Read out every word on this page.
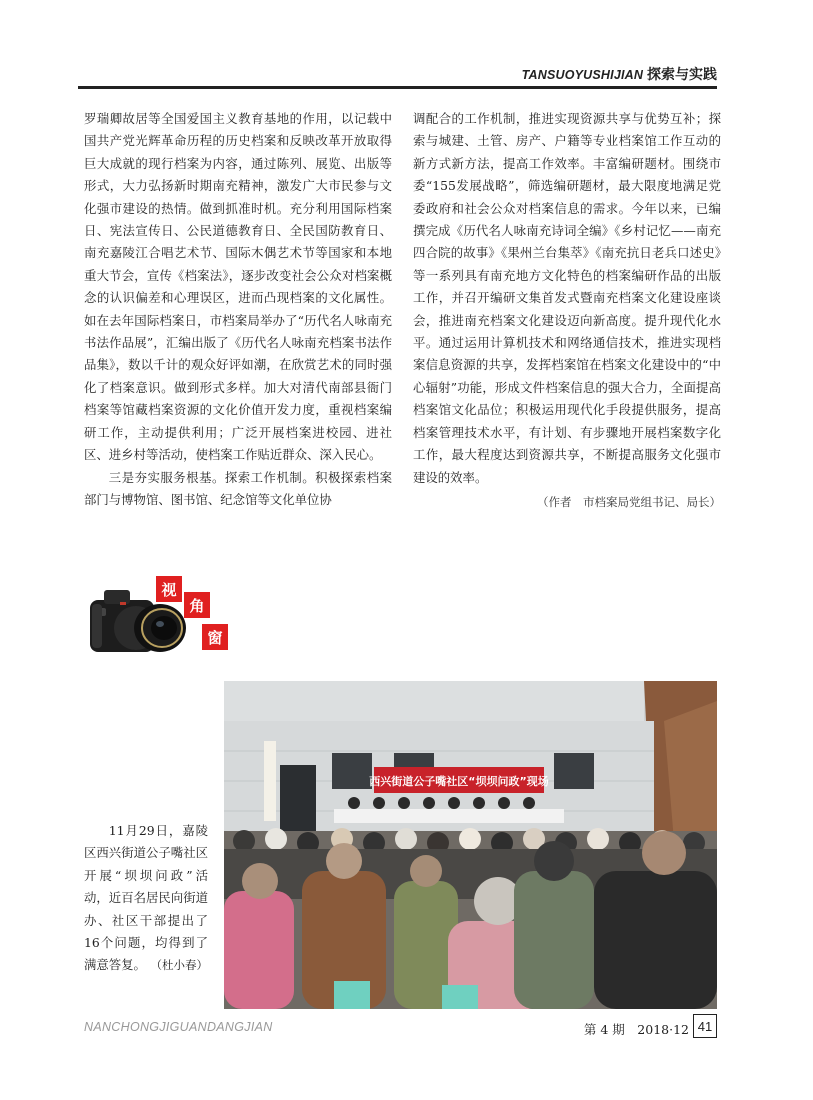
TANSUOYUSHIJIAN 探索与实践

罗瑞卿故居等全国爱国主义教育基地的作用，以记载中国共产党光辉革命历程的历史档案和反映改革开放取得巨大成就的现行档案为内容，通过陈列、展览、出版等形式，大力弘扬新时期南充精神，激发广大市民参与文化强市建设的热情。做到抓准时机。充分利用国际档案日、宪法宣传日、公民道德教育日、全民国防教育日、南充嘉陵江合唱艺术节、国际木偶艺术节等国家和本地重大节会，宣传《档案法》，逐步改变社会公众对档案概念的认识偏差和心理误区，进而凸现档案的文化属性。如在去年国际档案日，市档案局举办了“历代名人咏南充书法作品展”，汇编出版了《历代名人咏南充档案书法作品集》，数以千计的观众好评如潮，在欣赏艺术的同时强化了档案意识。做到形式多样。加大对清代南部县衙门档案等馆藏档案资源的文化价值开发力度，重视档案编研工作，主动提供利用；广泛开展档案进校园、进社区、进乡村等活动，使档案工作贴近群众、深入民心。

三是夯实服务根基。探索工作机制。积极探索档案部门与博物馆、图书馆、纪念馆等文化单位协

调配合的工作机制，推进实现资源共享与优势互补；探索与城建、土管、房产、户籍等专业档案馆工作互动的新方式新方法，提高工作效率。丰富编研题材。围绕市委“155发展战略”，筛选编研题材，最大限度地满足党委政府和社会公众对档案信息的需求。今年以来，已编撰完成《历代名人咏南充诗词全编》《乡村记忆——南充四合院的故事》《果州兰台集萃》《南充抗日老兵口述史》等一系列具有南充地方文化特色的档案编研作品的出版工作，并召开编研文集首发式暨南充档案文化建设座谈会，推进南充档案文化建设迈向新高度。提升现代化水平。通过运用计算机技术和网络通信技术，推进实现档案信息资源的共享，发挥档案馆在档案文化建设中的“中心辐射”功能，形成文件档案信息的强大合力，全面提高档案馆文化品位；积极运用现代化手段提供服务，提高档案管理技术水平，有计划、有步骤地开展档案数字化工作，最大程度达到资源共享，不断提高服务文化强市建设的效率。

（作者　市档案局党组书记、局长）
视
角
窗
11月29日，嘉陵区西兴街道公子嘴社区开展“坝坝问政”活动，近百名居民向街道办、社区干部提出了16个问题，均得到了满意答复。 （杜小春）
西兴街道公子嘴社区“坝坝问政”现场
NANCHONGJIGUANDANGJIAN	第 4 期　2018·12 41
